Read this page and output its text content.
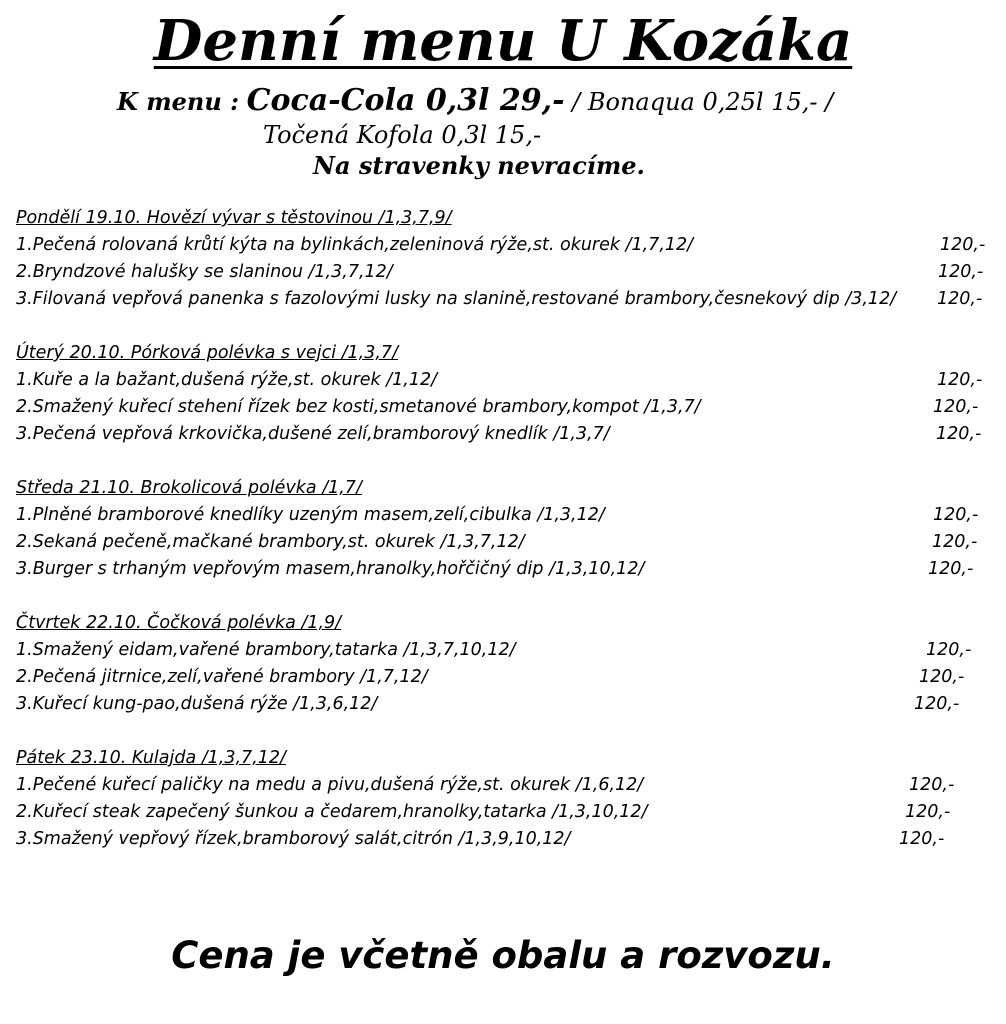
Denní menu U Kozáka
K menu : Coca-Cola 0,3l 29,- / Bonaqua 0,25l 15,- /
Točená Kofola 0,3l 15,-
Na stravenky nevracíme.
Pondělí 19.10. Hovězí vývar s těstovinou /1,3,7,9/
1.Pečená rolovaná krůtí kýta na bylinkách,zeleninová rýže,st. okurek /1,7,12/	120,-
2.Bryndzové halušky se slaninou /1,3,7,12/	120,-
3.Filovaná vepřová panenka s fazolovými lusky na slanině,restované brambory,česnekový dip /3,12/ 120,-
Úterý 20.10. Pórková polévka s vejci /1,3,7/
1.Kuře a la bažant,dušená rýže,st. okurek /1,12/	120,-
2.Smažený kuřecí stehení řízek bez kosti,smetanové brambory,kompot /1,3,7/	120,-
3.Pečená vepřová krkovička,dušené zelí,bramborový knedlík /1,3,7/	120,-
Středa 21.10. Brokolicová polévka /1,7/
1.Plněné bramborové knedlíky uzeným masem,zelí,cibulka /1,3,12/	120,-
2.Sekaná pečeně,mačkané brambory,st. okurek /1,3,7,12/	120,-
3.Burger s trhaným vepřovým masem,hranolky,hořčičný dip /1,3,10,12/	120,-
Čtvrtek 22.10. Čočková polévka /1,9/
1.Smažený eidam,vařené brambory,tatarka /1,3,7,10,12/	120,-
2.Pečená jitrnice,zelí,vařené brambory /1,7,12/	120,-
3.Kuřecí kung-pao,dušená rýže /1,3,6,12/	120,-
Pátek 23.10. Kulajda /1,3,7,12/
1.Pečené kuřecí paličky na medu a pivu,dušená rýže,st. okurek /1,6,12/	120,-
2.Kuřecí steak zapečený šunkou a čedarem,hranolky,tatarka /1,3,10,12/	120,-
3.Smažený vepřový řízek,bramborový salát,citrón /1,3,9,10,12/	120,-
Cena je včetně obalu a rozvozu.
